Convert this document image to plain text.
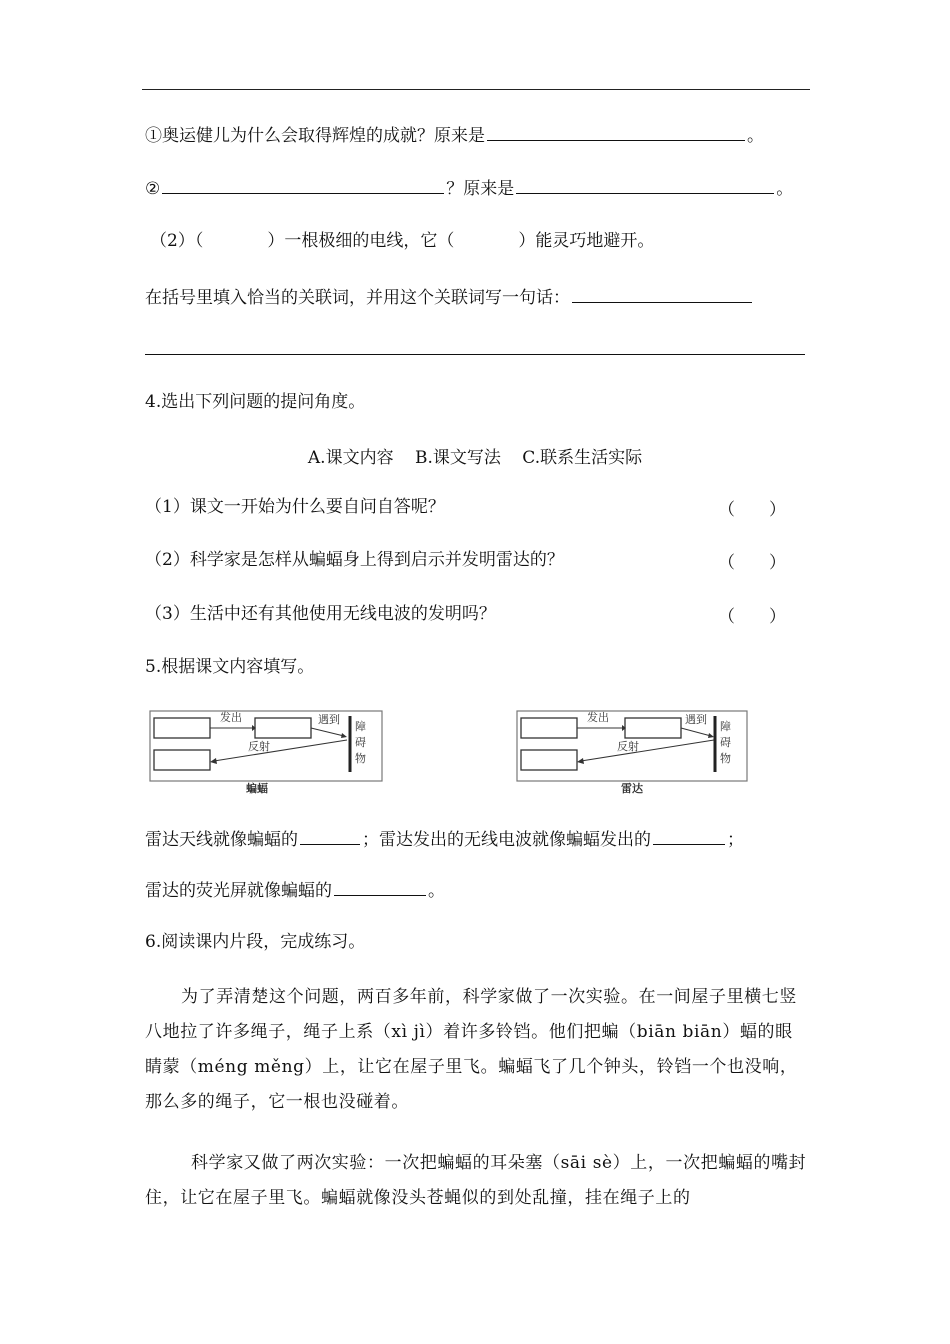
①奥运健儿为什么会取得辉煌的成就？原来是	。
②	？原来是	。
（2）（	）一根极细的电线，它（	）能灵巧地避开。
在括号里填入恰当的关联词，并用这个关联词写一句话：
4.选出下列问题的提问角度。
A.课文内容 B.课文写法 C.联系生活实际
（1）课文一开始为什么要自问自答呢？	（　　）
（2）科学家是怎样从蝙蝠身上得到启示并发明雷达的？	（　　）
（3）生活中还有其他使用无线电波的发明吗？	（　　）
5.根据课文内容填写。
发出	遇到
反射
障
碍
物
蝙蝠
发出	遇到
反射
障
碍
物
雷达
雷达天线就像蝙蝠的	；雷达发出的无线电波就像蝙蝠发出的	；
雷达的荧光屏就像蝙蝠的	。
6.阅读课内片段，完成练习。
为了弄清楚这个问题，两百多年前，科学家做了一次实验。在一间屋子里横七竖八地拉了许多绳子，绳子上系（xì jì）着许多铃铛。他们把蝙（biān biān）蝠的眼睛蒙（méng měng）上，让它在屋子里飞。蝙蝠飞了几个钟头，铃铛一个也没响，那么多的绳子，它一根也没碰着。
科学家又做了两次实验：一次把蝙蝠的耳朵塞（sāi sè）上，一次把蝙蝠的嘴封住，让它在屋子里飞。蝙蝠就像没头苍蝇似的到处乱撞，挂在绳子上的
